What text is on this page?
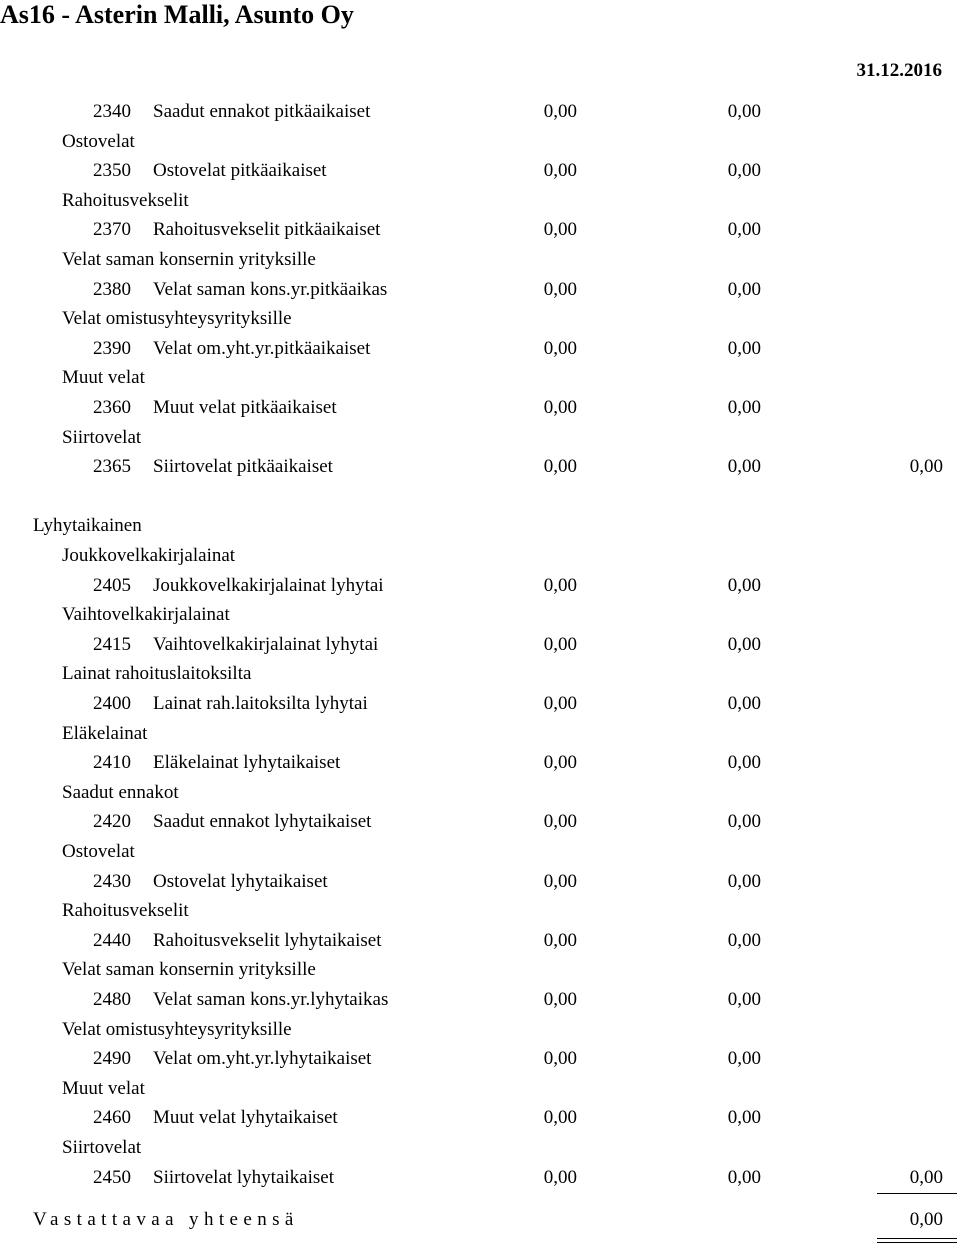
As16 - Asterin Malli, Asunto Oy
31.12.2016
2340 Saadut ennakot pitkäaikaiset	0,00	0,00
Ostovelat
2350 Ostovelat pitkäaikaiset	0,00	0,00
Rahoitusvekselit
2370 Rahoitusvekselit pitkäaikaiset	0,00	0,00
Velat saman konsernin yrityksille
2380 Velat saman kons.yr.pitkäaikas	0,00	0,00
Velat omistusyhteysyrityksille
2390 Velat om.yht.yr.pitkäaikaiset	0,00	0,00
Muut velat
2360 Muut velat pitkäaikaiset	0,00	0,00
Siirtovelat
2365 Siirtovelat pitkäaikaiset	0,00	0,00	0,00
Lyhytaikainen
Joukkovelkakirjalainat
2405 Joukkovelkakirjalainat lyhytai	0,00	0,00
Vaihtovelkakirjalainat
2415 Vaihtovelkakirjalainat lyhytai	0,00	0,00
Lainat rahoituslaitoksilta
2400 Lainat rah.laitoksilta lyhytai	0,00	0,00
Eläkelainat
2410 Eläkelainat lyhytaikaiset	0,00	0,00
Saadut ennakot
2420 Saadut ennakot lyhytaikaiset	0,00	0,00
Ostovelat
2430 Ostovelat lyhytaikaiset	0,00	0,00
Rahoitusvekselit
2440 Rahoitusvekselit lyhytaikaiset	0,00	0,00
Velat saman konsernin yrityksille
2480 Velat saman kons.yr.lyhytaikas	0,00	0,00
Velat omistusyhteysyrityksille
2490 Velat om.yht.yr.lyhytaikaiset	0,00	0,00
Muut velat
2460 Muut velat lyhytaikaiset	0,00	0,00
Siirtovelat
2450 Siirtovelat lyhytaikaiset	0,00	0,00	0,00
Vastattavaa yhteensä	0,00
